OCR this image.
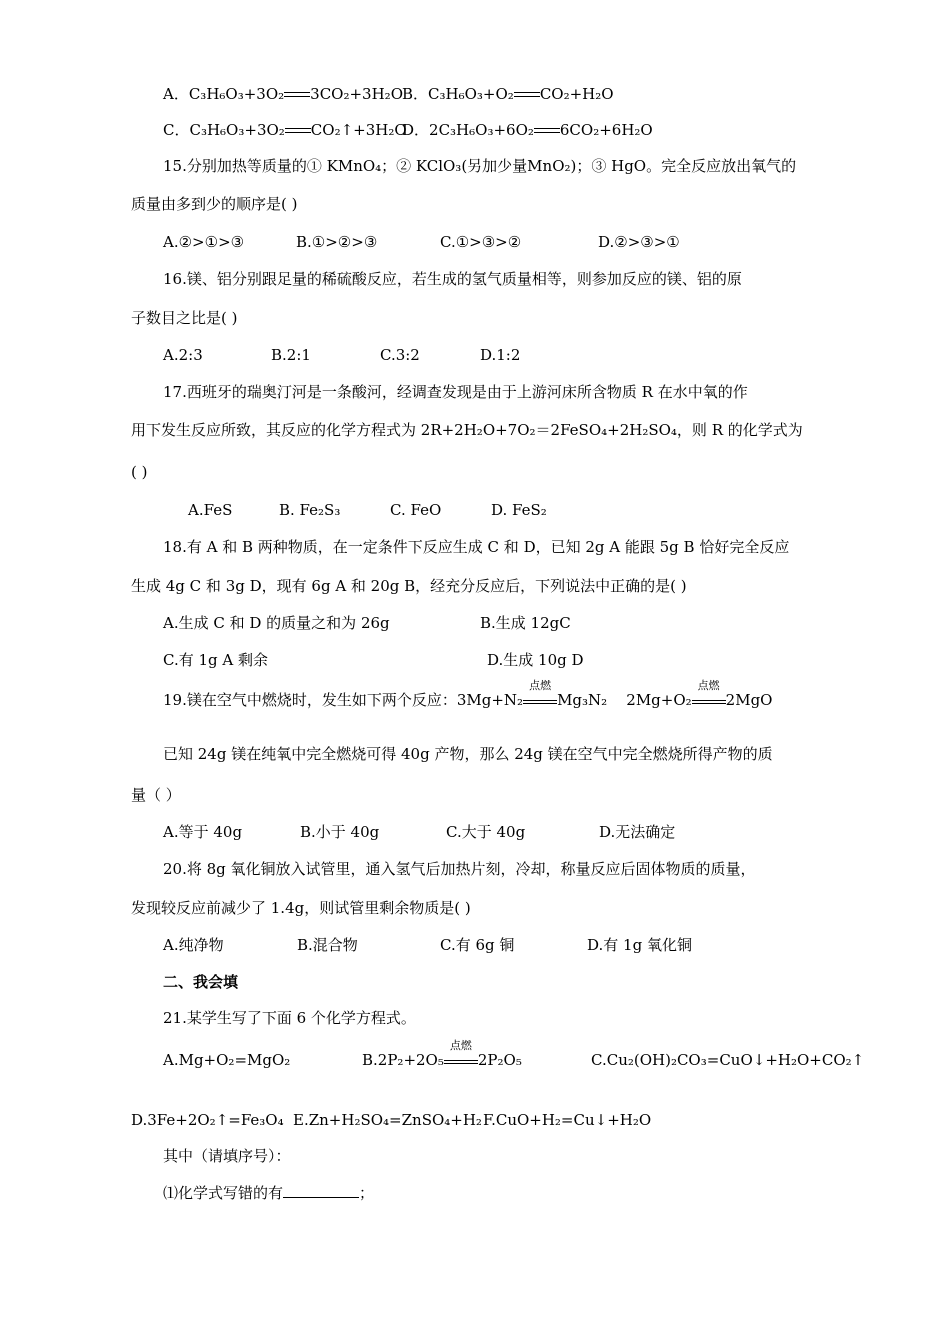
A．C₃H₆O₃+3O₂ 3CO₂+3H₂O B．C₃H₆O₃+O₂ CO₂+H₂O
C．C₃H₆O₃+3O₂ CO₂↑+3H₂O
D．2C₃H₆O₃+6O₂ 6CO₂+6H₂O
15.分别加热等质量的① KMnO₄；② KClO₃(另加少量MnO₂)；③ HgO。完全反应放出氧气的
质量由多到少的顺序是( )
A.②>①>③	B.①>②>③	C.①>③>②	D.②>③>①
16.镁、铝分别跟足量的稀硫酸反应，若生成的氢气质量相等，则参加反应的镁、铝的原
子数目之比是( )
A.2:3	B.2:1	C.3:2	D.1:2
17.西班牙的瑞奥汀河是一条酸河，经调查发现是由于上游河床所含物质 R 在水中氧的作
用下发生反应所致，其反应的化学方程式为 2R+2H₂O+7O₂＝2FeSO₄+2H₂SO₄，则 R 的化学式为
( )
A.FeS	B. Fe₂S₃	C. FeO	D. FeS₂
18.有 A 和 B 两种物质，在一定条件下反应生成 C 和 D，已知 2g A 能跟 5g B 恰好完全反应
生成 4g C 和 3g D，现有 6g A 和 20g B，经充分反应后，下列说法中正确的是( )
A.生成 C 和 D 的质量之和为 26g	B.生成 12gC
C.有 1g A 剩余	D.生成 10g D
19.镁在空气中燃烧时，发生如下两个反应：3Mg+N₂
点燃
Mg₃N₂ 2Mg+O₂
点燃
2MgO
已知 24g 镁在纯氧中完全燃烧可得 40g 产物，那么 24g 镁在空气中完全燃烧所得产物的质
量（ ）
A.等于 40g	B.小于 40g	C.大于 40g	D.无法确定
20.将 8g 氧化铜放入试管里，通入氢气后加热片刻，冷却，称量反应后固体物质的质量，
发现较反应前减少了 1.4g，则试管里剩余物质是( )
A.纯净物	B.混合物	C.有 6g 铜	D.有 1g 氧化铜
二、我会填
21.某学生写了下面 6 个化学方程式。
A.Mg+O₂=MgO₂	B.2P₂+2O₅
点燃
2P₂O₅	C.Cu₂(OH)₂CO₃=CuO↓+H₂O+CO₂↑
D.3Fe+2O₂↑=Fe₃O₄ E.Zn+H₂SO₄=ZnSO₄+H₂ F.CuO+H₂=Cu↓+H₂O
其中（请填序号）：
⑴化学式写错的有	；
